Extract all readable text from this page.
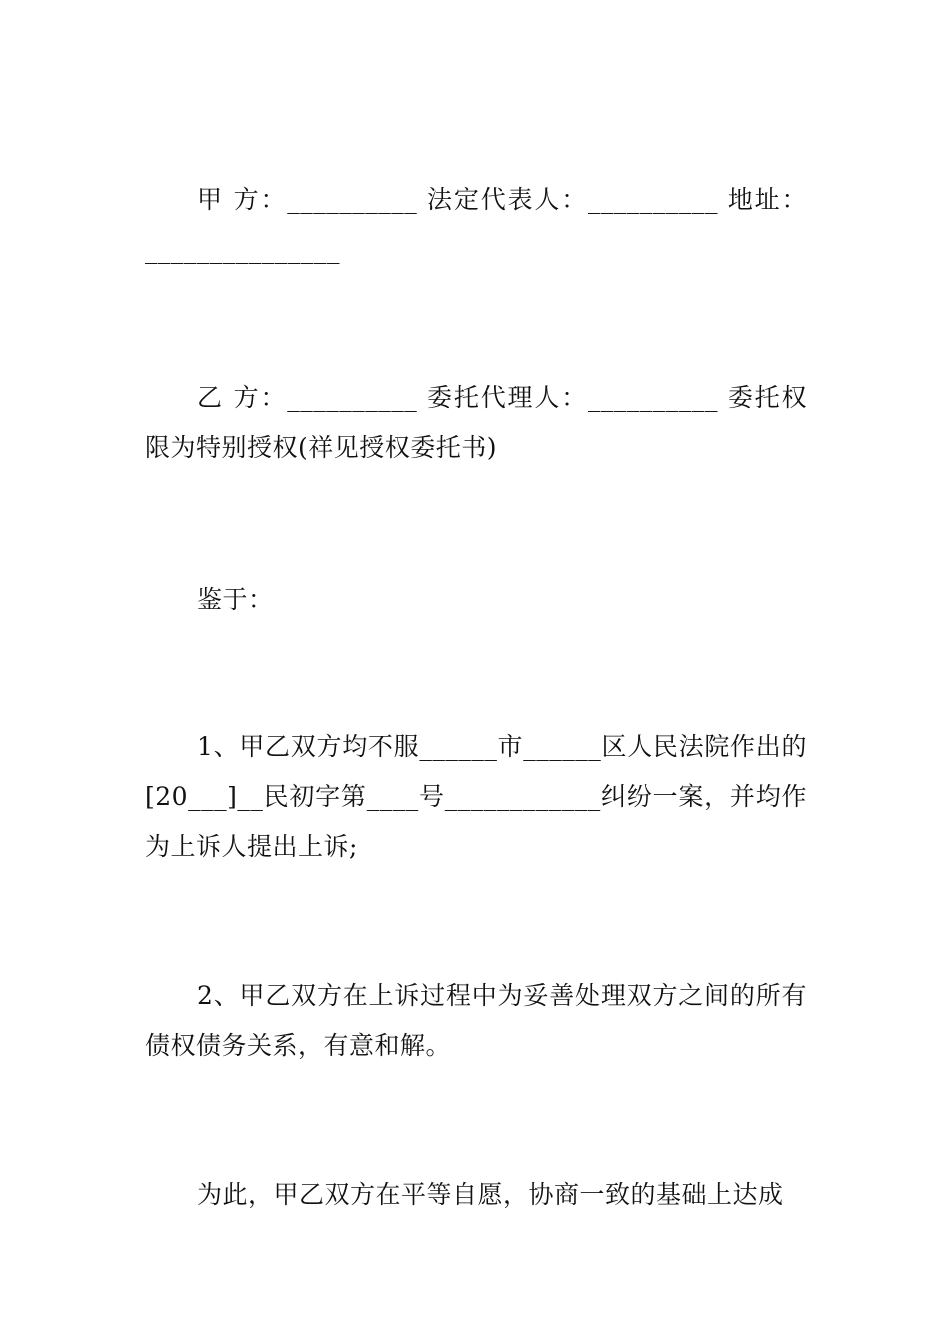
甲 方：__________ 法定代表人：__________ 地址：_______________

乙 方：__________ 委托代理人：__________ 委托权限为特别授权(祥见授权委托书)

鉴于：

1、甲乙双方均不服______市______区人民法院作出的[20___]__民初字第____号____________纠纷一案，并均作为上诉人提出上诉;

2、甲乙双方在上诉过程中为妥善处理双方之间的所有债权债务关系，有意和解。

为此，甲乙双方在平等自愿，协商一致的基础上达成
